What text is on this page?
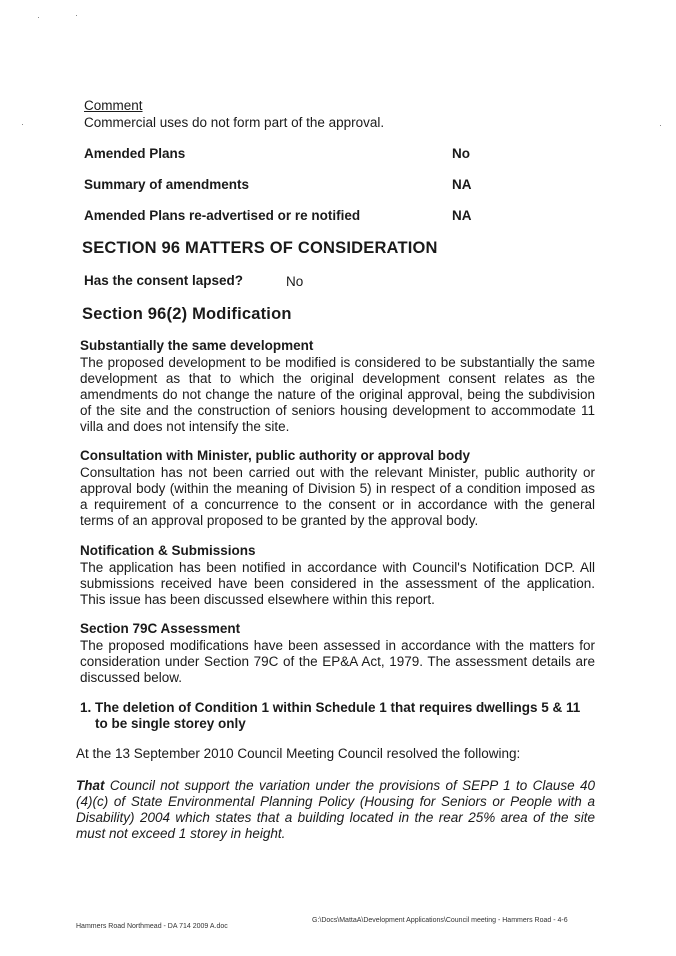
Comment
Commercial uses do not form part of the approval.
Amended Plans	No
Summary of amendments	NA
Amended Plans re-advertised or re notified	NA
SECTION 96 MATTERS OF CONSIDERATION
Has the consent lapsed?	No
Section 96(2) Modification
Substantially the same development
The proposed development to be modified is considered to be substantially the same
development as that to which the original development consent relates as the
amendments do not change the nature of the original approval, being the subdivision
of the site and the construction of seniors housing development to accommodate 11
villa and does not intensify the site.
Consultation with Minister, public authority or approval body
Consultation has not been carried out with the relevant Minister, public authority or
approval body (within the meaning of Division 5) in respect of a condition imposed as
a requirement of a concurrence to the consent or in accordance with the general
terms of an approval proposed to be granted by the approval body.
Notification & Submissions
The application has been notified in accordance with Council's Notification DCP. All
submissions received have been considered in the assessment of the application.
This issue has been discussed elsewhere within this report.
Section 79C Assessment
The proposed modifications have been assessed in accordance with the matters for
consideration under Section 79C of the EP&A Act, 1979. The assessment details are
discussed below.
1. The deletion of Condition 1 within Schedule 1 that requires dwellings 5 & 11
to be single storey only
At the 13 September 2010 Council Meeting Council resolved the following:
That Council not support the variation under the provisions of SEPP 1 to Clause 40
(4)(c) of State Environmental Planning Policy (Housing for Seniors or People with a
Disability) 2004 which states that a building located in the rear 25% area of the site
must not exceed 1 storey in height.
Hammers Road Northmead - DA 714 2009 A.doc
G:\Docs\MattaA\Development Applications\Council meeting - Hammers Road - 4-6
